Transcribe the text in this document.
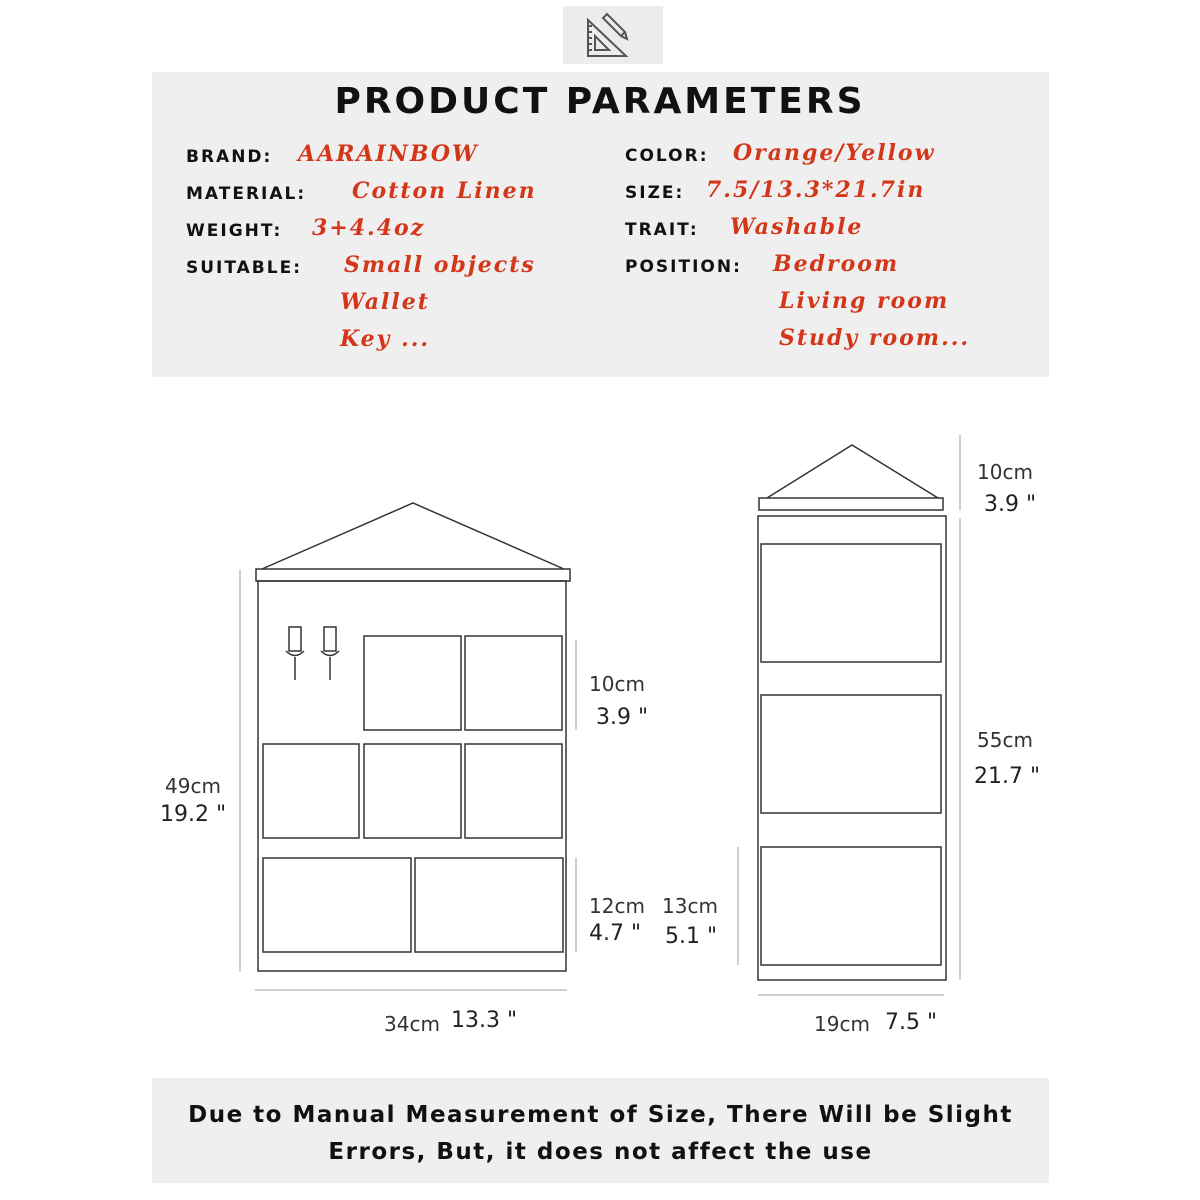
PRODUCT PARAMETERS
BRAND: AARAINBOW
MATERIAL: Cotton Linen
WEIGHT: 3+4.4oz
SUITABLE: Small objects
Wallet
Key ...
COLOR: Orange/Yellow
SIZE: 7.5/13.3*21.7in
TRAIT: Washable
POSITION: Bedroom
Living room
Study room...
49cm
19.2 "
10cm
3.9 "
12cm
4.7 "
34cm 13.3 "
10cm
3.9 "
55cm
21.7 "
13cm
5.1 "
19cm 7.5 "
Due to Manual Measurement of Size, There Will be Slight
Errors, But, it does not affect the use
